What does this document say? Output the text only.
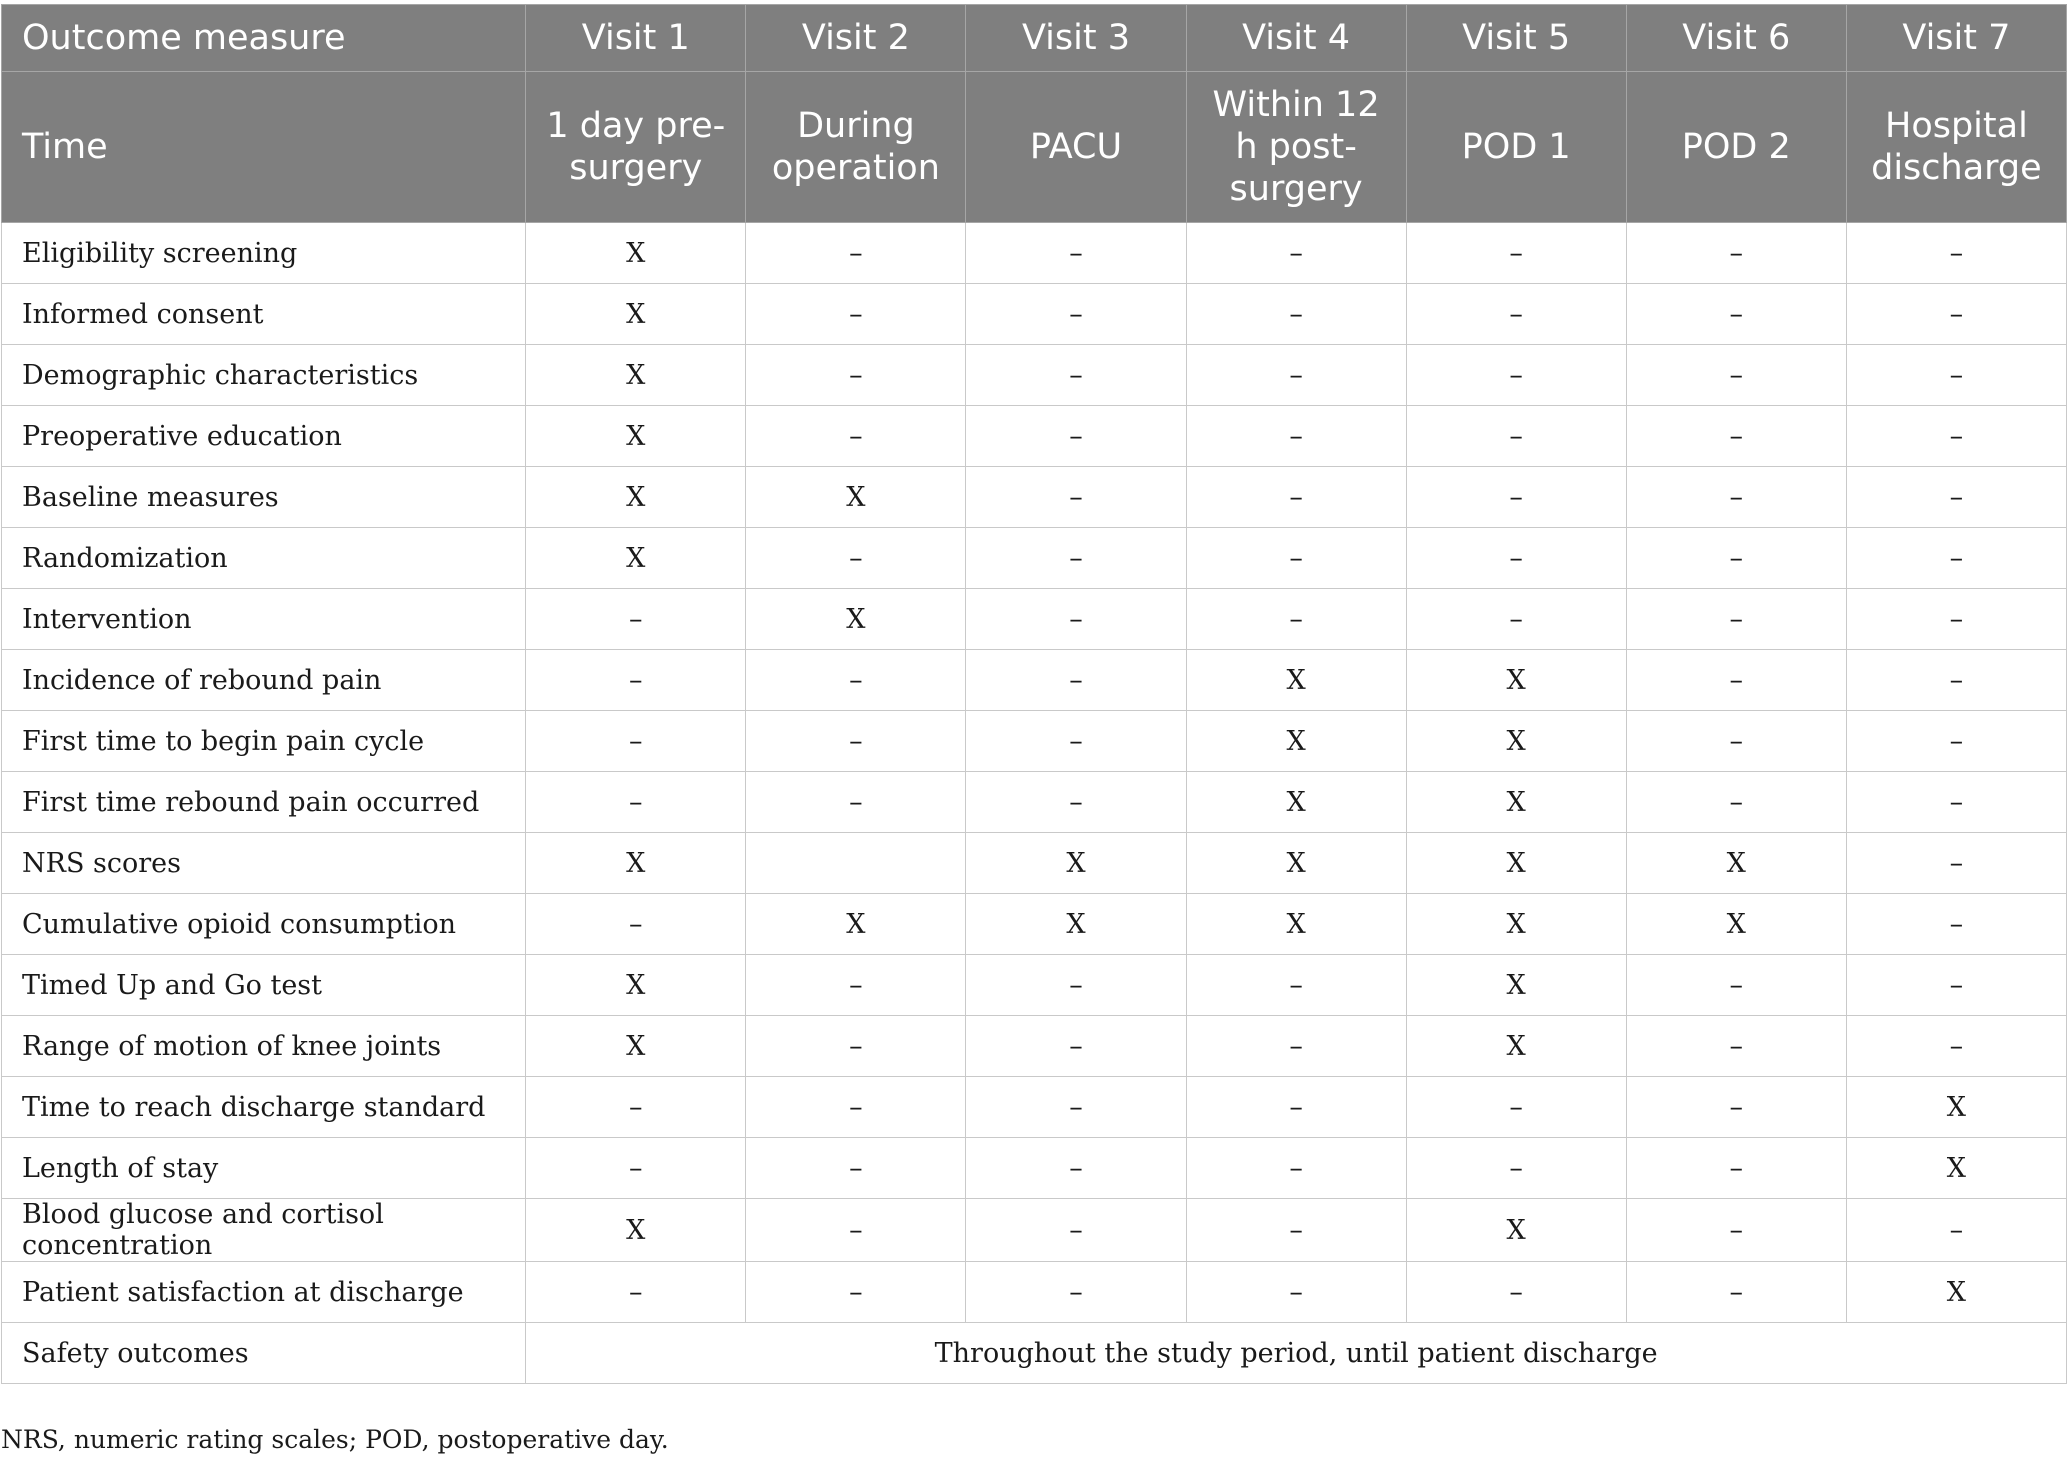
Outcome measure	Visit 1	Visit 2	Visit 3	Visit 4	Visit 5	Visit 6	Visit 7
Time	1 day pre-surgery	During operation	PACU	Within 12 h post-surgery	POD 1	POD 2	Hospital discharge
Eligibility screening	X	–	–	–	–	–	–
Informed consent	X	–	–	–	–	–	–
Demographic characteristics	X	–	–	–	–	–	–
Preoperative education	X	–	–	–	–	–	–
Baseline measures	X	X	–	–	–	–	–
Randomization	X	–	–	–	–	–	–
Intervention	–	X	–	–	–	–	–
Incidence of rebound pain	–	–	–	X	X	–	–
First time to begin pain cycle	–	–	–	X	X	–	–
First time rebound pain occurred	–	–	–	X	X	–	–
NRS scores	X		X	X	X	X	–
Cumulative opioid consumption	–	X	X	X	X	X	–
Timed Up and Go test	X	–	–	–	X	–	–
Range of motion of knee joints	X	–	–	–	X	–	–
Time to reach discharge standard	–	–	–	–	–	–	X
Length of stay	–	–	–	–	–	–	X
Blood glucose and cortisol concentration	X	–	–	–	X	–	–
Patient satisfaction at discharge	–	–	–	–	–	–	X
Safety outcomes	Throughout the study period, until patient discharge						
NRS, numeric rating scales; POD, postoperative day.
